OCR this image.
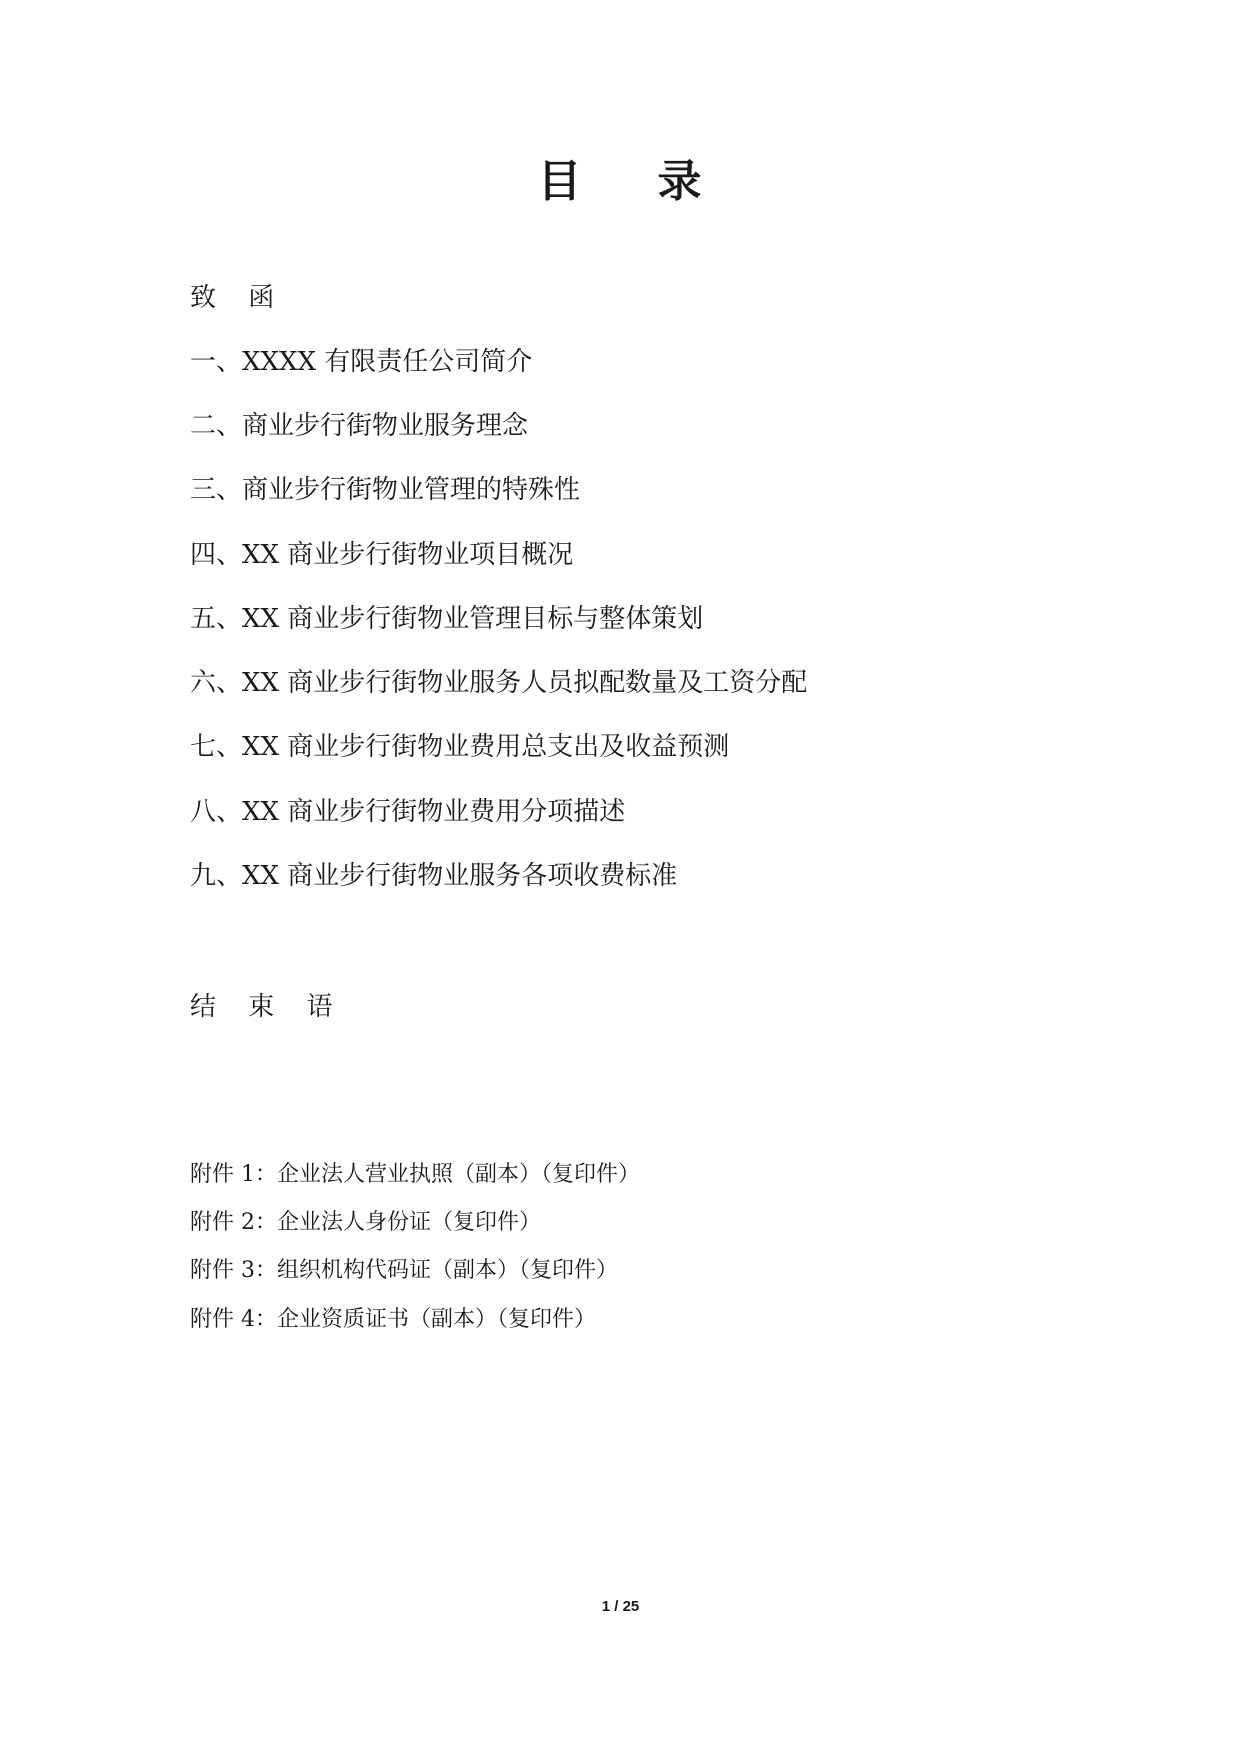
目 录
致 函
一、XXXX 有限责任公司简介
二、商业步行街物业服务理念
三、商业步行街物业管理的特殊性
四、XX 商业步行街物业项目概况
五、XX 商业步行街物业管理目标与整体策划
六、XX 商业步行街物业服务人员拟配数量及工资分配
七、XX 商业步行街物业费用总支出及收益预测
八、XX 商业步行街物业费用分项描述
九、XX 商业步行街物业服务各项收费标准
结 束 语
附件 1：企业法人营业执照（副本）（复印件）
附件 2：企业法人身份证（复印件）
附件 3：组织机构代码证（副本）（复印件）
附件 4：企业资质证书（副本）（复印件）
1 / 25
